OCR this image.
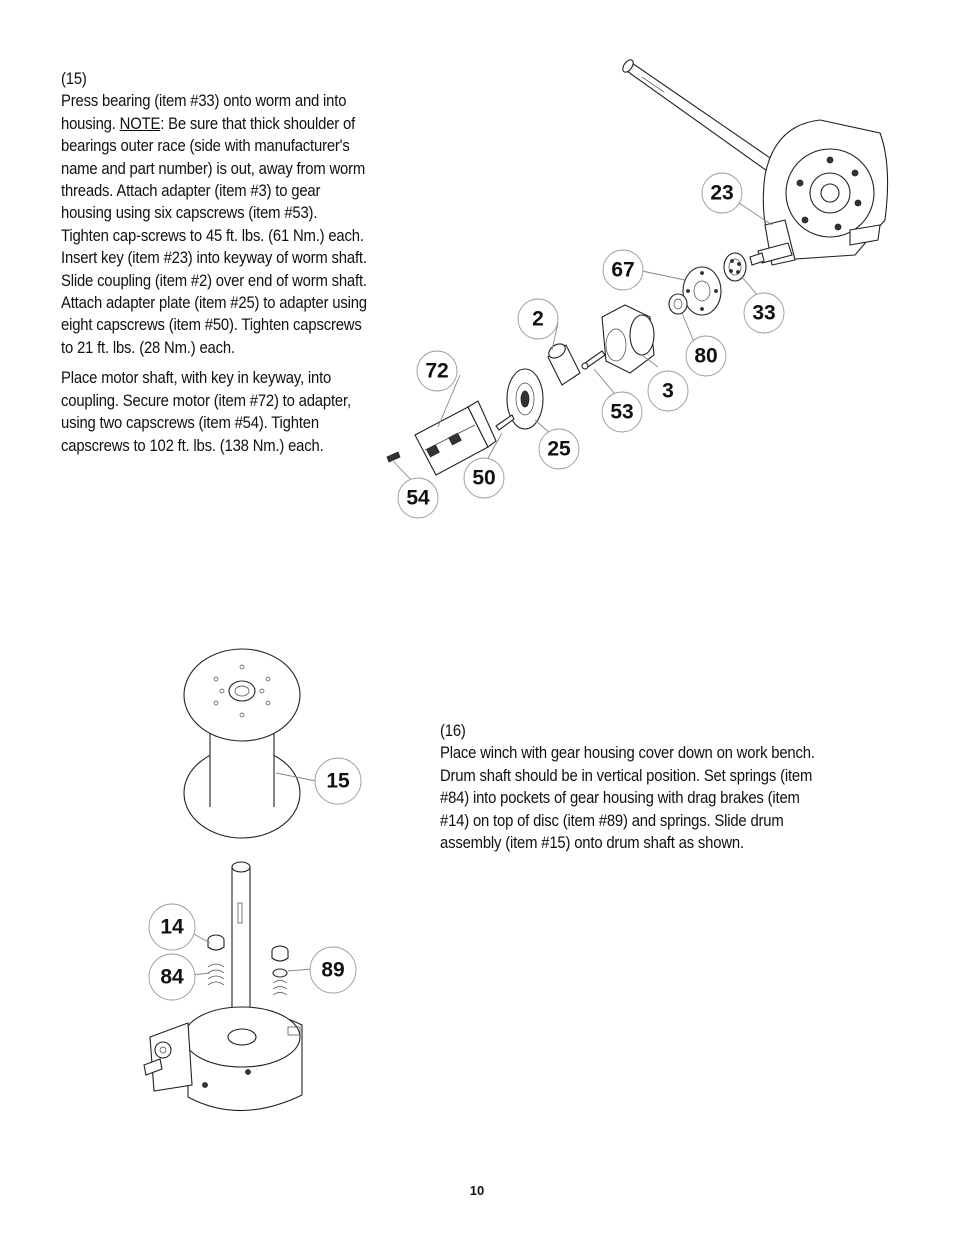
(15)

Press bearing (item #33) onto worm and into housing. NOTE: Be sure that thick shoulder of bearings outer race (side with manufacturer's name and part number) is out, away from worm threads. Attach adapter (item #3) to gear housing using six capscrews (item #53). Tighten cap-screws to 45 ft. lbs. (61 Nm.) each. Insert key (item #23) into keyway of worm shaft. Slide coupling (item #2) over end of worm shaft. Attach adapter plate (item #25) to adapter using eight capscrews (item #50). Tighten capscrews to 21 ft. lbs. (28 Nm.) each.

Place motor shaft, with key in keyway, into coupling. Secure motor (item #72) to adapter, using two capscrews (item #54). Tighten capscrews to 102 ft. lbs. (138 Nm.) each.

23
67
33
2
80
72
3
53
25
50
54
15
14
84	89

(16)

Place winch with gear housing cover down on work bench. Drum shaft should be in vertical position. Set springs (item #84) into pockets of gear housing with drag brakes (item #14) on top of disc (item #89) and springs. Slide drum assembly (item #15) onto drum shaft as shown.

10
